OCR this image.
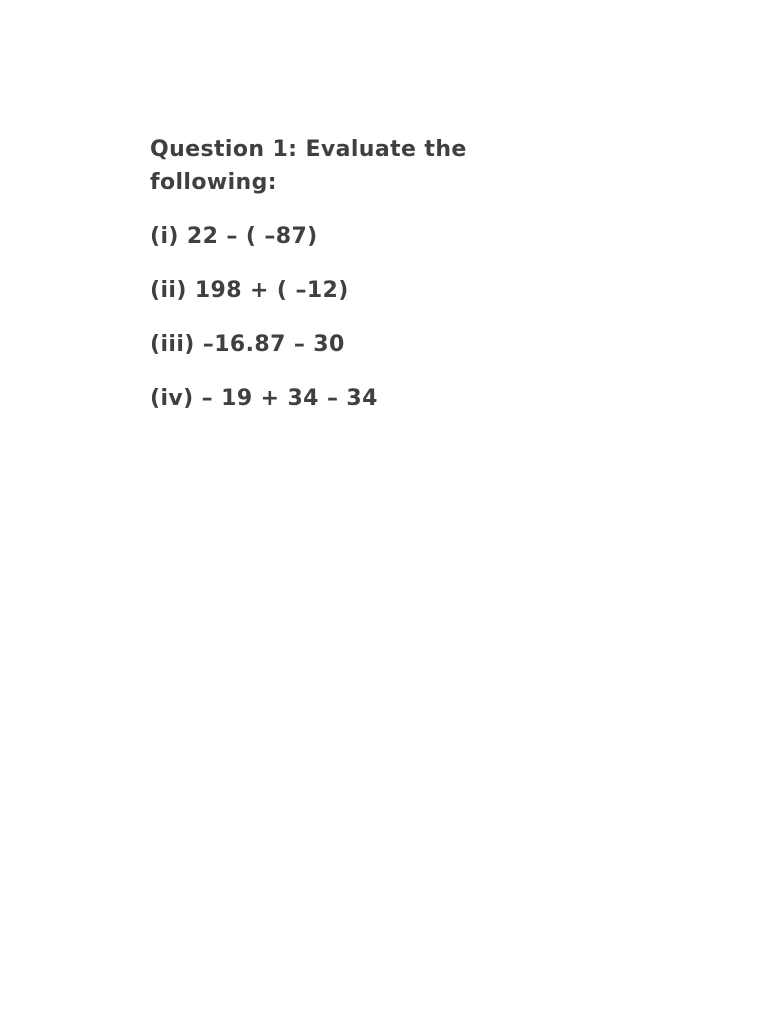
Question 1: Evaluate the following:

(i) 22 – ( –87)

(ii) 198 + ( –12)

(iii) –16.87 – 30

(iv) – 19 + 34 – 34
